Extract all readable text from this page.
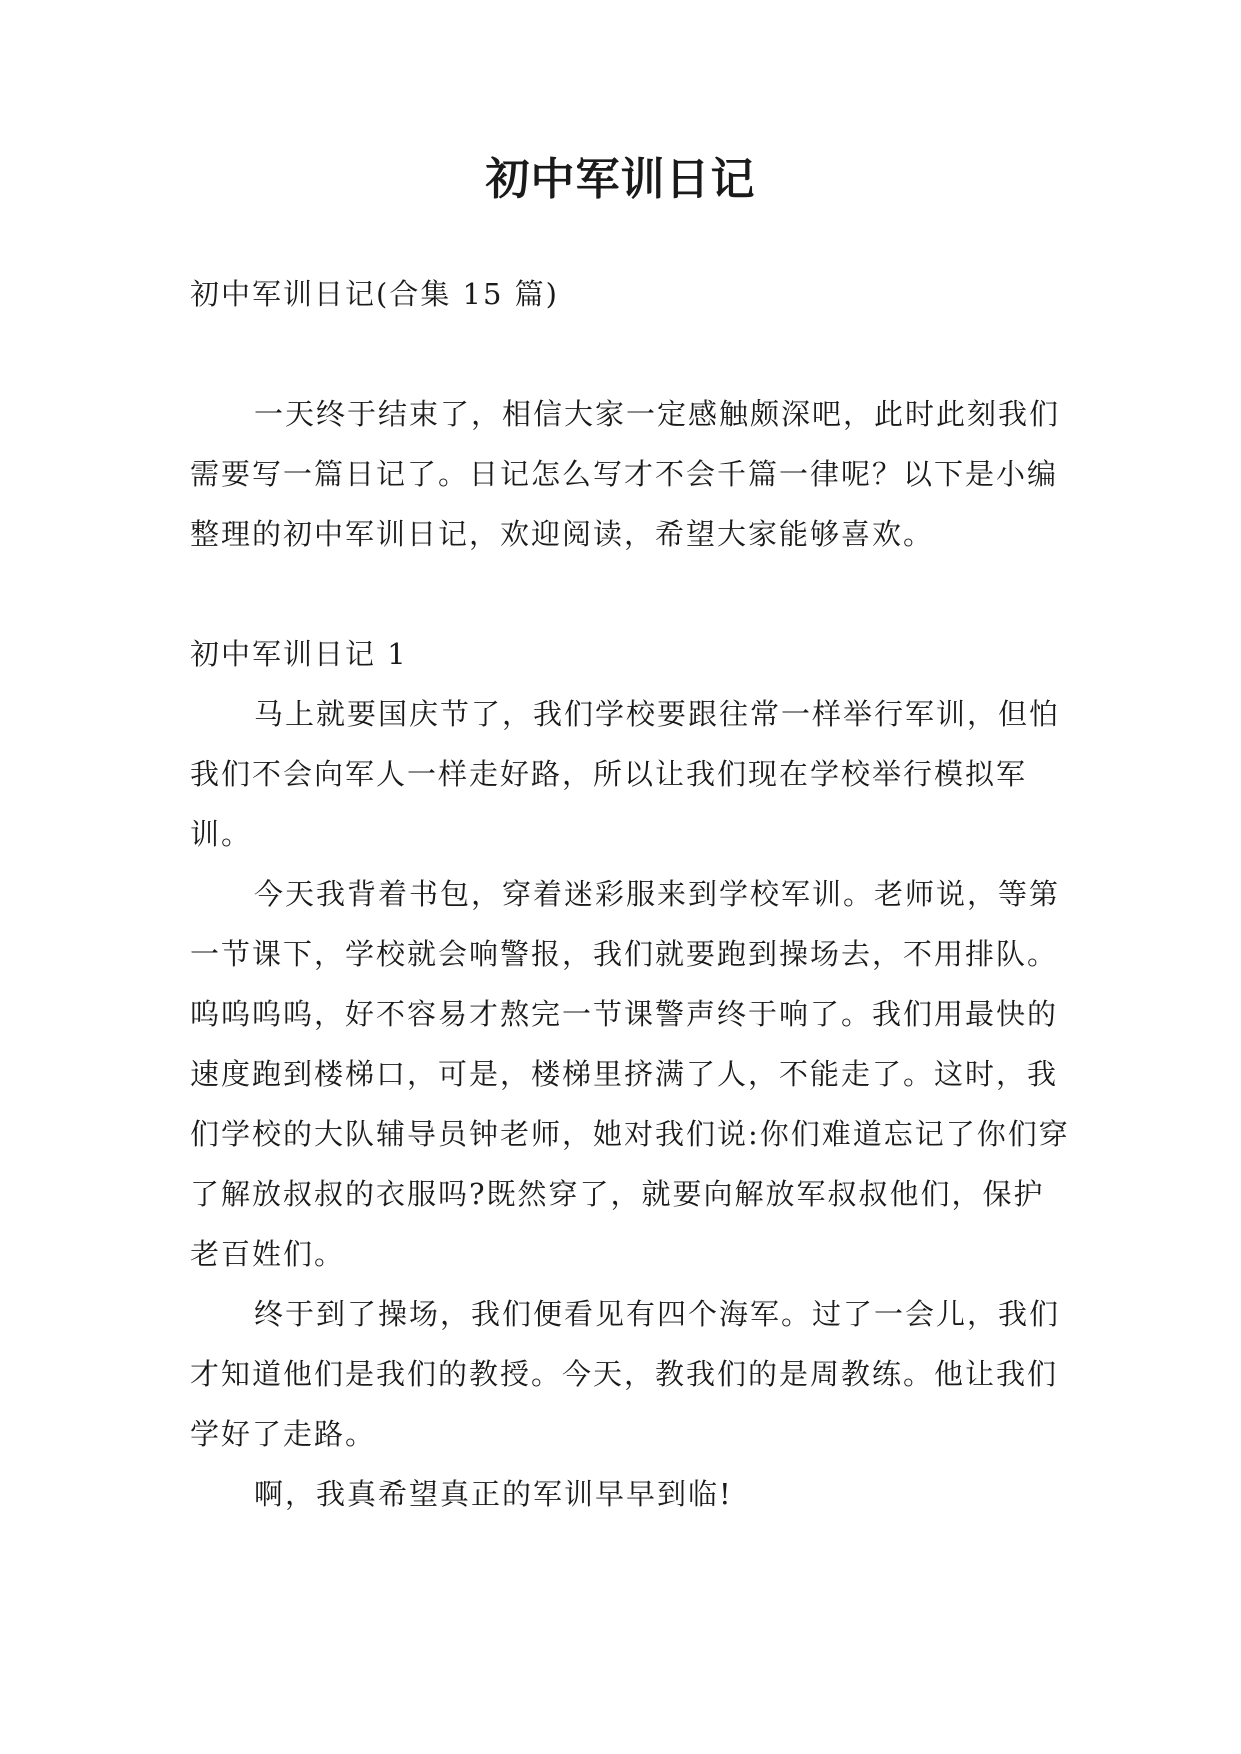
初中军训日记

初中军训日记(合集 15 篇)

一天终于结束了，相信大家一定感触颇深吧，此时此刻我们需要写一篇日记了。日记怎么写才不会千篇一律呢？以下是小编整理的初中军训日记，欢迎阅读，希望大家能够喜欢。

初中军训日记 1

马上就要国庆节了，我们学校要跟往常一样举行军训，但怕我们不会向军人一样走好路，所以让我们现在学校举行模拟军训。

今天我背着书包，穿着迷彩服来到学校军训。老师说，等第一节课下，学校就会响警报，我们就要跑到操场去，不用排队。呜呜呜呜，好不容易才熬完一节课警声终于响了。我们用最快的速度跑到楼梯口，可是，楼梯里挤满了人，不能走了。这时，我们学校的大队辅导员钟老师，她对我们说:你们难道忘记了你们穿了解放叔叔的衣服吗?既然穿了，就要向解放军叔叔他们，保护老百姓们。

终于到了操场，我们便看见有四个海军。过了一会儿，我们才知道他们是我们的教授。今天，教我们的是周教练。他让我们学好了走路。

啊，我真希望真正的军训早早到临!
